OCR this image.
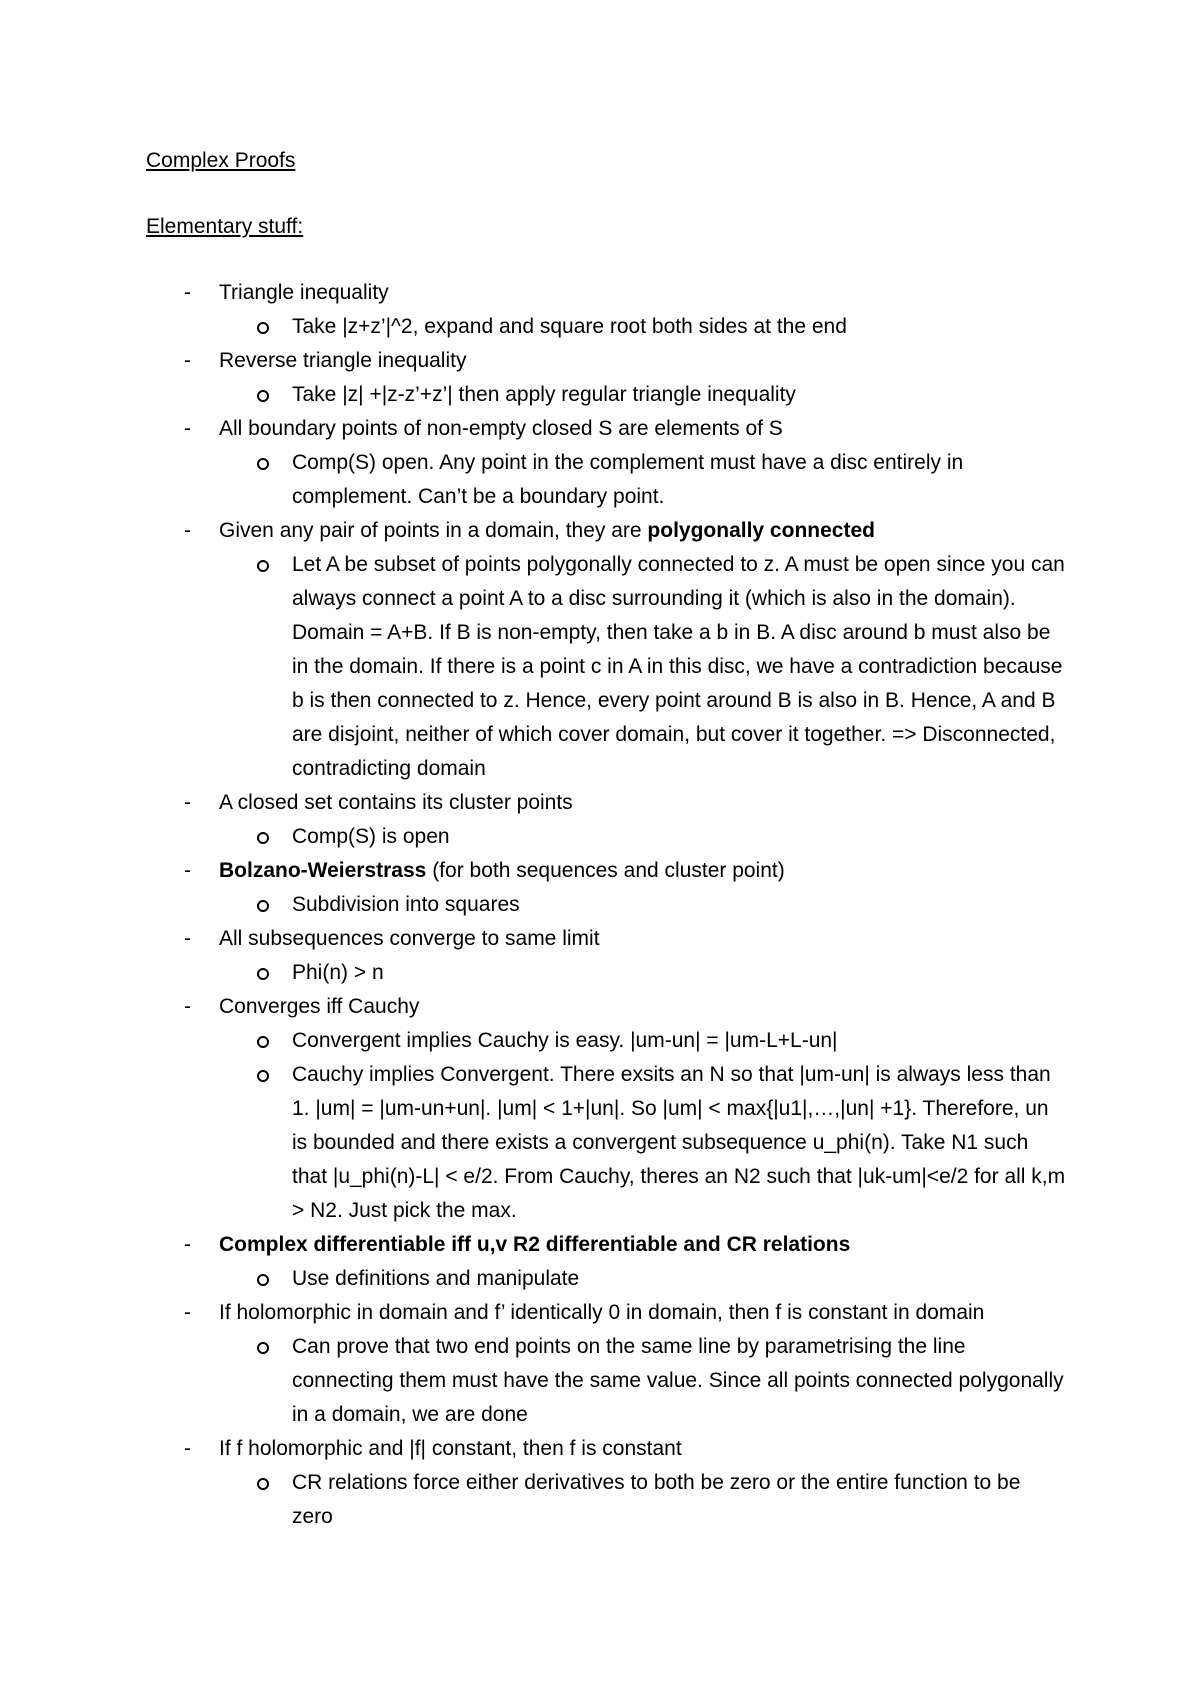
Complex Proofs
Elementary stuff:
- Triangle inequality
Take |z+z’|^2, expand and square root both sides at the end
- Reverse triangle inequality
Take |z| +|z-z’+z’| then apply regular triangle inequality
- All boundary points of non-empty closed S are elements of S
Comp(S) open. Any point in the complement must have a disc entirely in complement. Can’t be a boundary point.
- Given any pair of points in a domain, they are polygonally connected
Let A be subset of points polygonally connected to z. A must be open since you can always connect a point A to a disc surrounding it (which is also in the domain). Domain = A+B. If B is non-empty, then take a b in B. A disc around b must also be in the domain. If there is a point c in A in this disc, we have a contradiction because b is then connected to z. Hence, every point around B is also in B. Hence, A and B are disjoint, neither of which cover domain, but cover it together. => Disconnected, contradicting domain
- A closed set contains its cluster points
Comp(S) is open
- Bolzano-Weierstrass (for both sequences and cluster point)
Subdivision into squares
- All subsequences converge to same limit
Phi(n) > n
- Converges iff Cauchy
Convergent implies Cauchy is easy. |um-un| = |um-L+L-un|
Cauchy implies Convergent. There exsits an N so that |um-un| is always less than 1. |um| = |um-un+un|. |um| < 1+|un|. So |um| < max{|u1|,…,|un| +1}. Therefore, un is bounded and there exists a convergent subsequence u_phi(n). Take N1 such that |u_phi(n)-L| < e/2. From Cauchy, theres an N2 such that |uk-um|<e/2 for all k,m > N2. Just pick the max.
- Complex differentiable iff u,v R2 differentiable and CR relations
Use definitions and manipulate
- If holomorphic in domain and f’ identically 0 in domain, then f is constant in domain
Can prove that two end points on the same line by parametrising the line connecting them must have the same value. Since all points connected polygonally in a domain, we are done
- If f holomorphic and |f| constant, then f is constant
CR relations force either derivatives to both be zero or the entire function to be zero
